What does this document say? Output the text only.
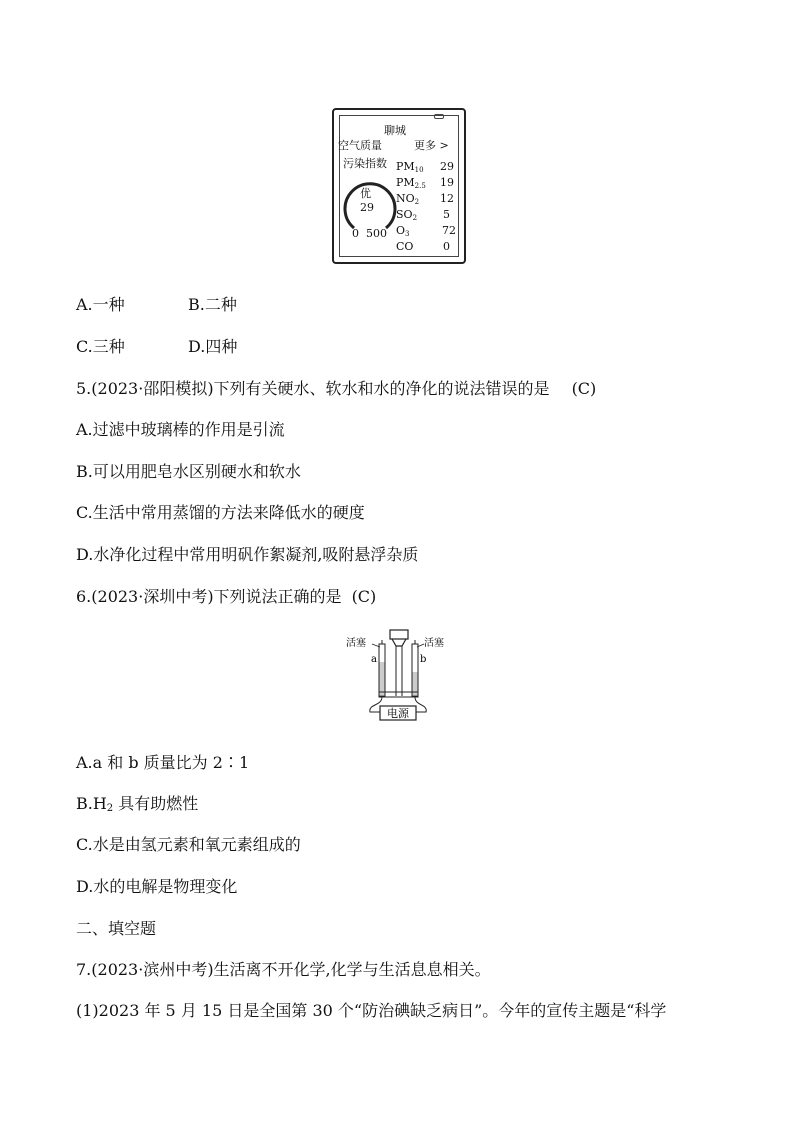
聊城
空气质量	更多 >
污染指数
优
29
0 500
$PM_{10}$ 29
$PM_{2.5}$ 19
$NO_2$ 12
$SO_2$ 5
$O_3$	72
CO	0
A.一种	B.二种
C.三种	D.四种
5.(2023·邵阳模拟)下列有关硬水、软水和水的净化的说法错误的是 (C)
A.过滤中玻璃棒的作用是引流
B.可以用肥皂水区别硬水和软水
C.生活中常用蒸馏的方法来降低水的硬度
D.水净化过程中常用明矾作絮凝剂,吸附悬浮杂质
6.(2023·深圳中考)下列说法正确的是 (C)
电源
活塞	活塞
a	b
A.a 和 b 质量比为 2∶1
$B.H_2$ 具有助燃性
C.水是由氢元素和氧元素组成的
D.水的电解是物理变化
二、填空题
7.(2023·滨州中考)生活离不开化学,化学与生活息息相关。
(1)2023 年 5 月 15 日是全国第 30 个“防治碘缺乏病日”。今年的宣传主题是“科学
